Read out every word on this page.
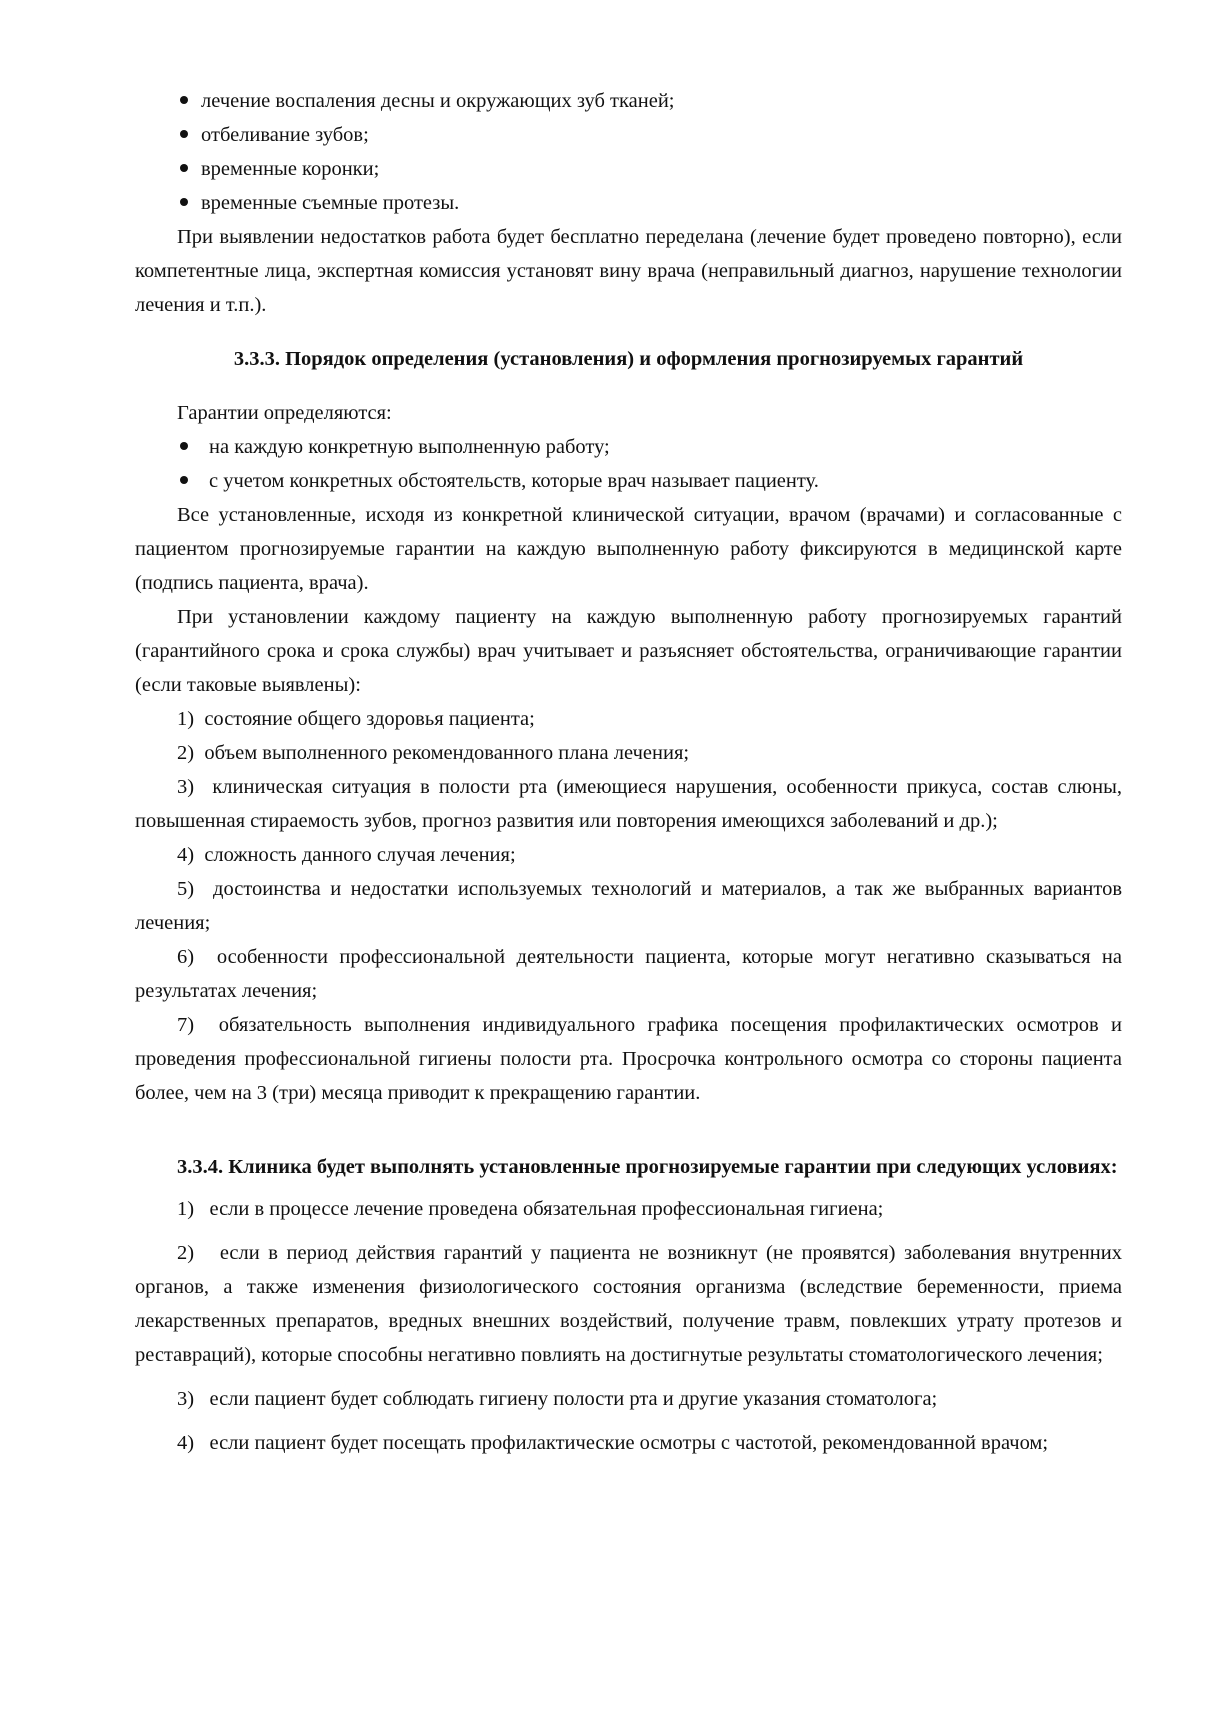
лечение воспаления десны и окружающих зуб тканей;

отбеливание зубов;

временные коронки;

временные съемные протезы.

При выявлении недостатков работа будет бесплатно переделана (лечение будет проведено повторно), если компетентные лица, экспертная комиссия установят вину врача (неправильный диагноз, нарушение технологии лечения и т.п.).

3.3.3. Порядок определения (установления) и оформления прогнозируемых гарантий

Гарантии определяются:

на каждую конкретную выполненную работу;

с учетом конкретных обстоятельств, которые врач называет пациенту.

Все установленные, исходя из конкретной клинической ситуации, врачом (врачами) и согласованные с пациентом прогнозируемые гарантии на каждую выполненную работу фиксируются в медицинской карте (подпись пациента, врача).

При установлении каждому пациенту на каждую выполненную работу прогнозируемых гарантий (гарантийного срока и срока службы) врач учитывает и разъясняет обстоятельства, ограничивающие гарантии (если таковые выявлены):

1) состояние общего здоровья пациента;

2) объем выполненного рекомендованного плана лечения;

3) клиническая ситуация в полости рта (имеющиеся нарушения, особенности прикуса, состав слюны, повышенная стираемость зубов, прогноз развития или повторения имеющихся заболеваний и др.);

4) сложность данного случая лечения;

5) достоинства и недостатки используемых технологий и материалов, а так же выбранных вариантов лечения;

6) особенности профессиональной деятельности пациента, которые могут негативно сказываться на результатах лечения;

7) обязательность выполнения индивидуального графика посещения профилактических осмотров и проведения профессиональной гигиены полости рта. Просрочка контрольного осмотра со стороны пациента более, чем на 3 (три) месяца приводит к прекращению гарантии.

3.3.4. Клиника будет выполнять установленные прогнозируемые гарантии при следующих условиях:

1) если в процессе лечение проведена обязательная профессиональная гигиена;

2) если в период действия гарантий у пациента не возникнут (не проявятся) заболевания внутренних органов, а также изменения физиологического состояния организма (вследствие беременности, приема лекарственных препаратов, вредных внешних воздействий, получение травм, повлекших утрату протезов и реставраций), которые способны негативно повлиять на достигнутые результаты стоматологического лечения;

3) если пациент будет соблюдать гигиену полости рта и другие указания стоматолога;

4) если пациент будет посещать профилактические осмотры с частотой, рекомендованной врачом;
